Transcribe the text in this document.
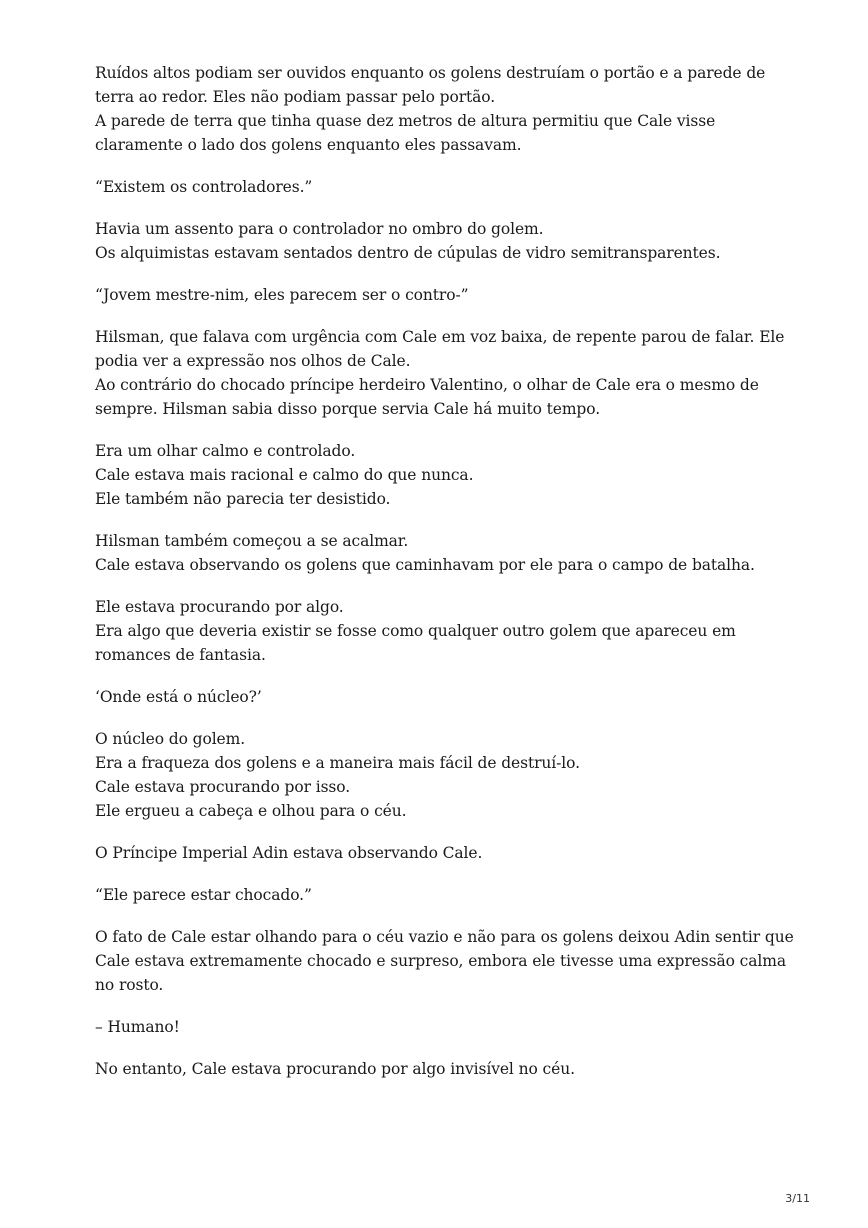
Ruídos altos podiam ser ouvidos enquanto os golens destruíam o portão e a parede de
terra ao redor. Eles não podiam passar pelo portão.
A parede de terra que tinha quase dez metros de altura permitiu que Cale visse
claramente o lado dos golens enquanto eles passavam.

“Existem os controladores.”

Havia um assento para o controlador no ombro do golem.
Os alquimistas estavam sentados dentro de cúpulas de vidro semitransparentes.

“Jovem mestre-nim, eles parecem ser o contro-”

Hilsman, que falava com urgência com Cale em voz baixa, de repente parou de falar. Ele
podia ver a expressão nos olhos de Cale.
Ao contrário do chocado príncipe herdeiro Valentino, o olhar de Cale era o mesmo de
sempre. Hilsman sabia disso porque servia Cale há muito tempo.

Era um olhar calmo e controlado.
Cale estava mais racional e calmo do que nunca.
Ele também não parecia ter desistido.

Hilsman também começou a se acalmar.
Cale estava observando os golens que caminhavam por ele para o campo de batalha.

Ele estava procurando por algo.
Era algo que deveria existir se fosse como qualquer outro golem que apareceu em
romances de fantasia.

‘Onde está o núcleo?’

O núcleo do golem.
Era a fraqueza dos golens e a maneira mais fácil de destruí-lo.
Cale estava procurando por isso.
Ele ergueu a cabeça e olhou para o céu.

O Príncipe Imperial Adin estava observando Cale.

“Ele parece estar chocado.”

O fato de Cale estar olhando para o céu vazio e não para os golens deixou Adin sentir que
Cale estava extremamente chocado e surpreso, embora ele tivesse uma expressão calma
no rosto.

– Humano!

No entanto, Cale estava procurando por algo invisível no céu.

3/11
